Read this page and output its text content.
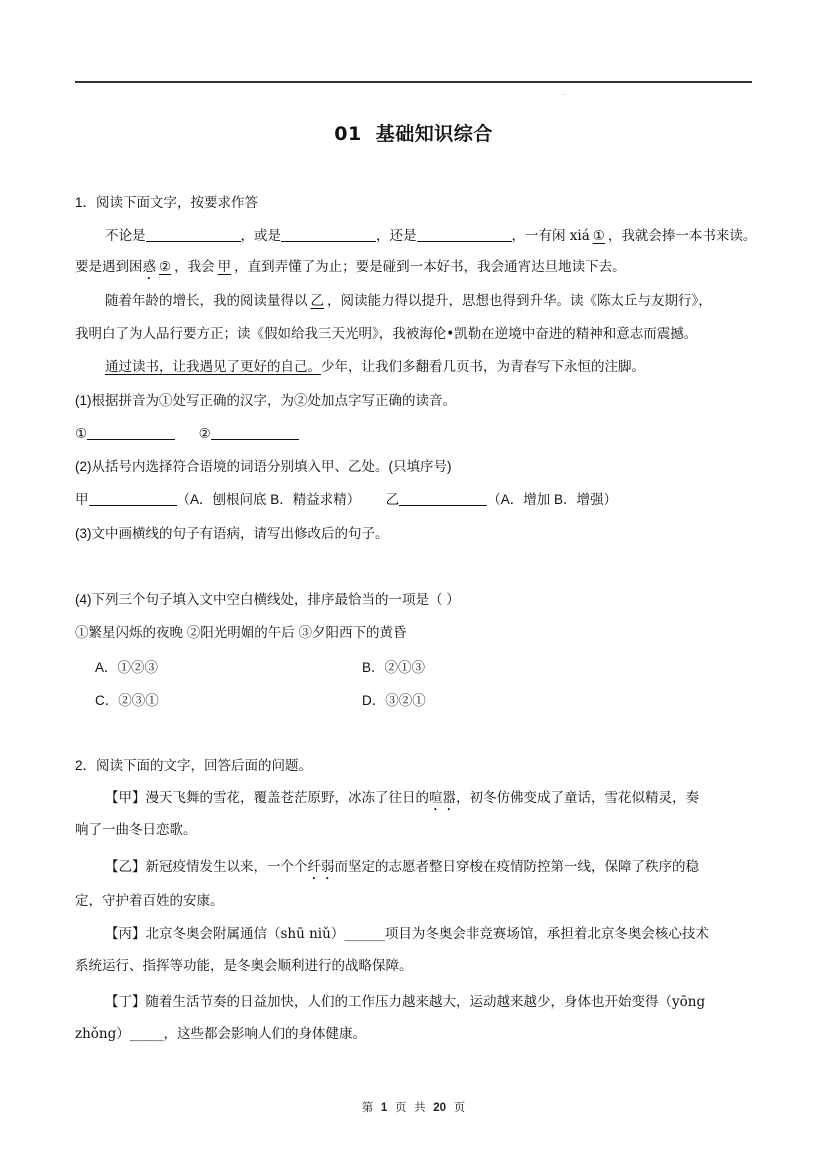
·
01 基础知识综合
1．阅读下面文字，按要求作答
不论是	，或是	，还是	，一有闲 xiá ① ，我就会捧一本书来读。
要是遇到困惑 ② ，我会 甲 ，直到弄懂了为止；要是碰到一本好书，我会通宵达旦地读下去。
随着年龄的增长，我的阅读量得以 乙 ，阅读能力得以提升，思想也得到升华。读《陈太丘与友期行》，
我明白了为人品行要方正；读《假如给我三天光明》，我被海伦•凯勒在逆境中奋进的精神和意志而震撼。
通过读书，让我遇见了更好的自己。少年，让我们多翻看几页书，为青春写下永恒的注脚。
(1)根据拼音为①处写正确的汉字，为②处加点字写正确的读音。
①	②
(2)从括号内选择符合语境的词语分别填入甲、乙处。(只填序号)
甲	（A．刨根问底 B．精益求精） 乙	（A．增加 B．增强）
(3)文中画横线的句子有语病，请写出修改后的句子。
(4)下列三个句子填入文中空白横线处，排序最恰当的一项是（ ）
①繁星闪烁的夜晚 ②阳光明媚的午后 ③夕阳西下的黄昏
A．①②③	B．②①③
C．②③①	D．③②①
2．阅读下面的文字，回答后面的问题。
【甲】漫天飞舞的雪花，覆盖苍茫原野，冰冻了往日的喧嚣，初冬仿佛变成了童话，雪花似精灵，奏
响了一曲冬日恋歌。
【乙】新冠疫情发生以来，一个个纤弱而坚定的志愿者整日穿梭在疫情防控第一线，保障了秩序的稳
定，守护着百姓的安康。
【丙】北京冬奥会附属通信（shū niǔ）______项目为冬奥会非竞赛场馆，承担着北京冬奥会核心技术
系统运行、指挥等功能，是冬奥会顺利进行的战略保障。
【丁】随着生活节奏的日益加快，人们的工作压力越来越大，运动越来越少，身体也开始变得（yōng
zhǒng）_____，这些都会影响人们的身体健康。
第 1 页 共 20 页
